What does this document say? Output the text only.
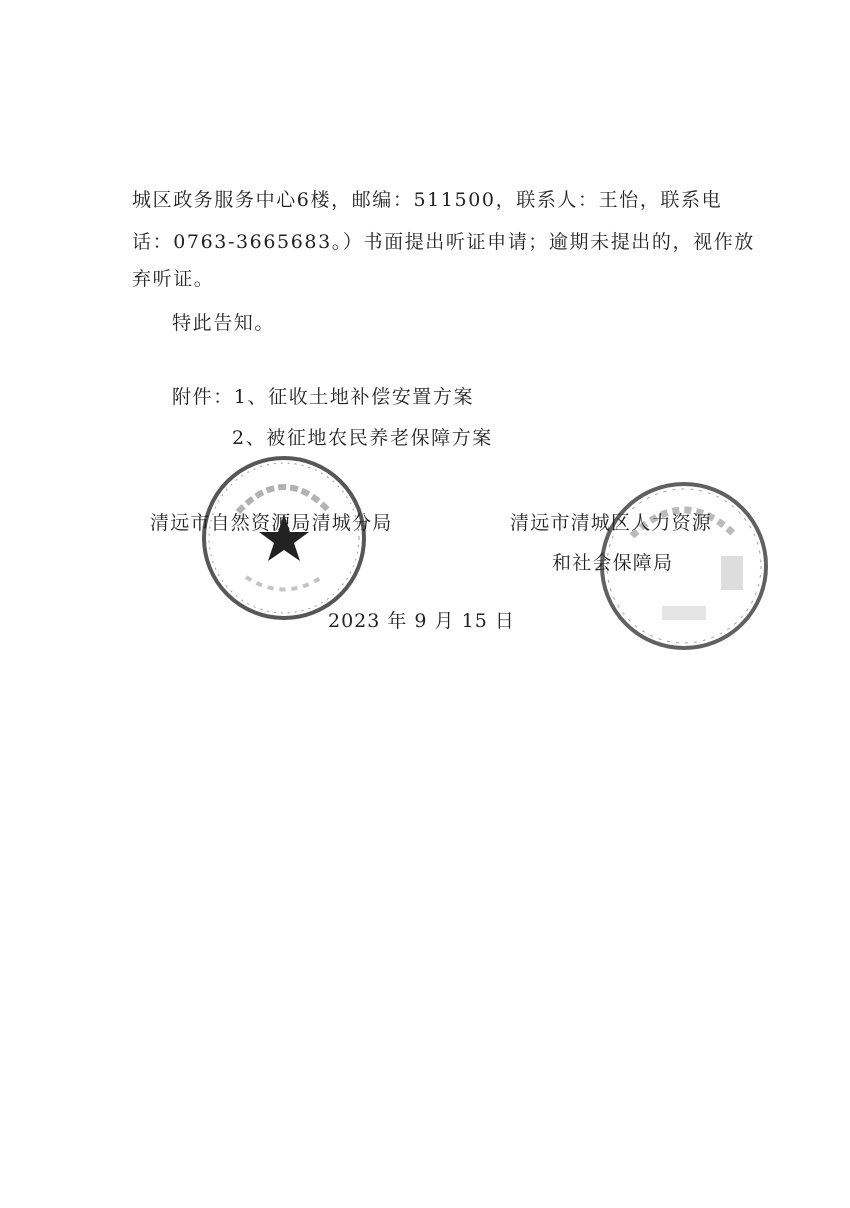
城区政务服务中心6楼，邮编：511500，联系人：王怡，联系电
话：0763-3665683。）书面提出听证申请；逾期未提出的，视作放
弃听证。
特此告知。
附件：1、征收土地补偿安置方案
2、被征地农民养老保障方案
清远市自然资源局清城分局	清远市清城区人力资源
和社会保障局
2023 年 9 月 15 日
